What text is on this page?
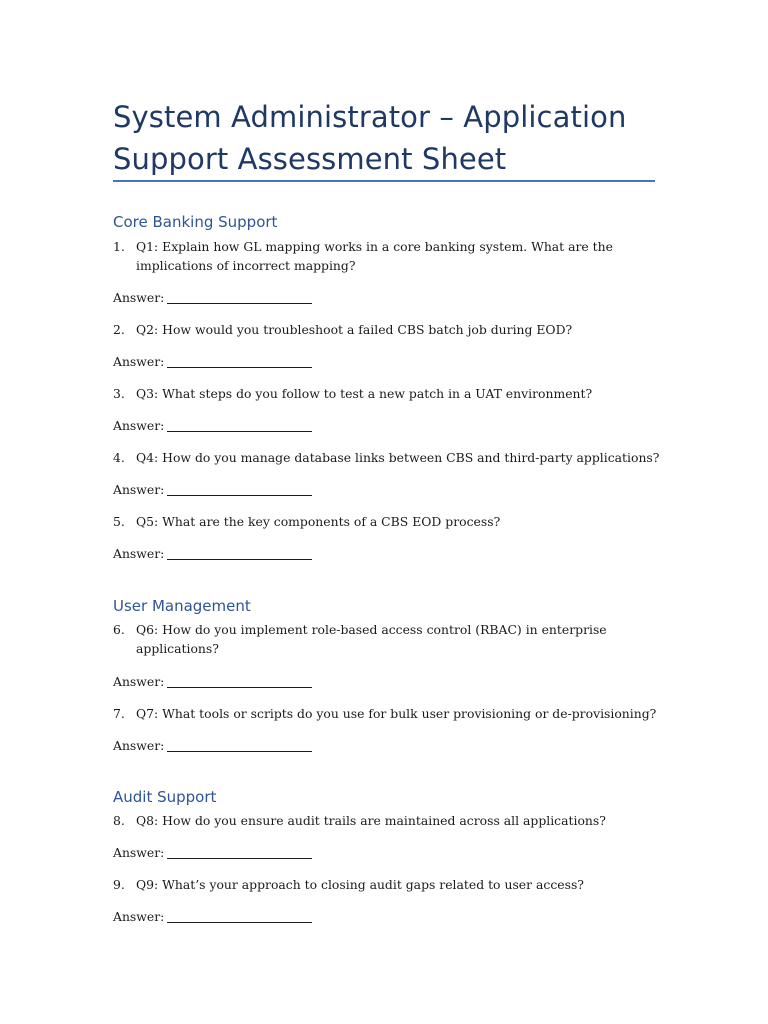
System Administrator – Application Support Assessment Sheet
Core Banking Support
1. Q1: Explain how GL mapping works in a core banking system. What are the implications of incorrect mapping?
Answer:
2. Q2: How would you troubleshoot a failed CBS batch job during EOD?
Answer:
3. Q3: What steps do you follow to test a new patch in a UAT environment?
Answer:
4. Q4: How do you manage database links between CBS and third-party applications?
Answer:
5. Q5: What are the key components of a CBS EOD process?
Answer:
User Management
6. Q6: How do you implement role-based access control (RBAC) in enterprise applications?
Answer:
7. Q7: What tools or scripts do you use for bulk user provisioning or de-provisioning?
Answer:
Audit Support
8. Q8: How do you ensure audit trails are maintained across all applications?
Answer:
9. Q9: What’s your approach to closing audit gaps related to user access?
Answer:
